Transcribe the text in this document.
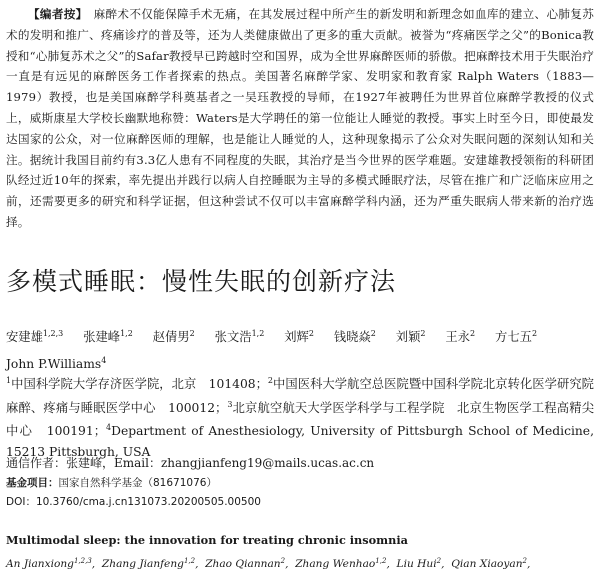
【编者按】 麻醉术不仅能保障手术无痛，在其发展过程中所产生的新发明和新理念如血库的建立、心肺复苏术的发明和推广、疼痛诊疗的普及等，还为人类健康做出了更多的重大贡献。被誉为“疼痛医学之父”的Bonica教授和“心肺复苏术之父”的Safar教授早已跨越时空和国界，成为全世界麻醉医师的骄傲。把麻醉技术用于失眠治疗一直是有远见的麻醉医务工作者探索的热点。美国著名麻醉学家、发明家和教育家 Ralph Waters（1883—1979）教授，也是美国麻醉学科奠基者之一吴珏教授的导师，在1927年被聘任为世界首位麻醉学教授的仪式上，威斯康星大学校长幽默地称赞：Waters是大学聘任的第一位能让人睡觉的教授。事实上时至今日，即使最发达国家的公众，对一位麻醉医师的理解，也是能让人睡觉的人，这种现象揭示了公众对失眠问题的深刻认知和关注。据统计我国目前约有3.3亿人患有不同程度的失眠，其治疗是当今世界的医学难题。安建雄教授领衔的科研团队经过近10年的探索，率先提出并践行以病人自控睡眠为主导的多模式睡眠疗法，尽管在推广和广泛临床应用之前，还需要更多的研究和科学证据，但这种尝试不仅可以丰富麻醉学科内涵，还为严重失眠病人带来新的治疗选择。
多模式睡眠：慢性失眠的创新疗法
安建雄$^{1,2,3}$ 张建峰$^{1,2}$ 赵倩男$^2$ 张文浩$^{1,2}$ 刘辉$^2$ 钱晓焱$^2$ 刘颖$^2$ 王永$^2$ 方七五$^2$ John P.Williams$^4$
$^1$中国科学院大学存济医学院，北京　101408；$^2$中国医科大学航空总医院暨中国科学院北京转化医学研究院麻醉、疼痛与睡眠医学中心　100012；$^3$北京航空航天大学医学科学与工程学院　北京生物医学工程高精尖中心　100191；$^4$Department of Anesthesiology, University of Pittsburgh School of Medicine, 15213 Pittsburgh, USA
通信作者：张建峰，Email：zhangjianfeng19@mails.ucas.ac.cn
基金项目：国家自然科学基金（81671076）
DOI：10.3760/cma.j.cn131073.20200505.00500
Multimodal sleep: the innovation for treating chronic insomnia
An Jianxiong$^{1,2,3}$,  Zhang Jianfeng$^{1,2}$,  Zhao Qiannan$^2$,  Zhang Wenhao$^{1,2}$,  Liu Hui$^2$,  Qian Xiaoyan$^2$,
